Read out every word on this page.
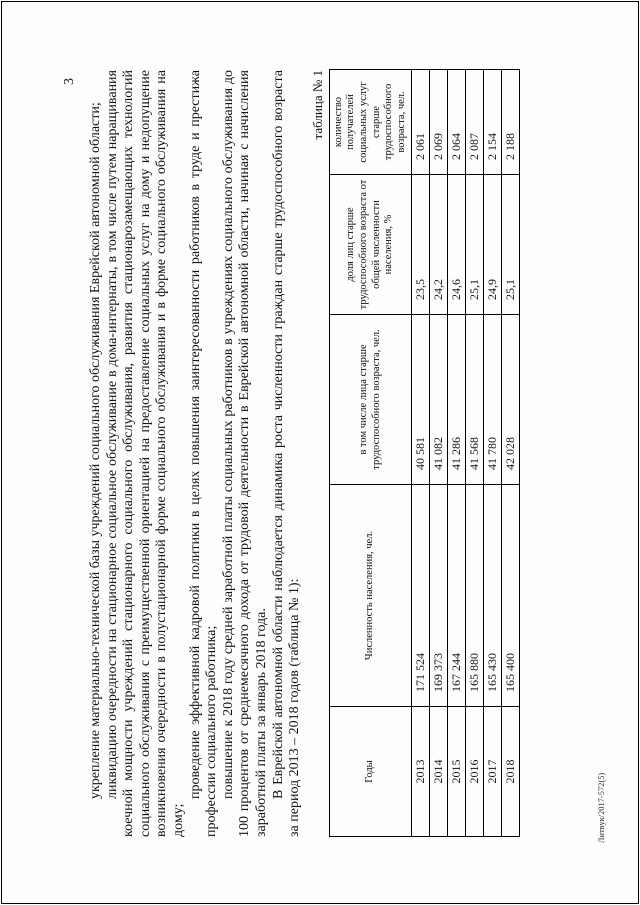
3

укрепление материально-технической базы учреждений социального обслуживания Еврейской автономной области; ликвидацию очередности на стационарное социальное обслуживание в дома-интернаты, в том числе путем наращивания коечной мощности учреждений стационарного социального обслуживания, развития стационарозамещающих технологий социального обслуживания с преимущественной ориентацией на предоставление социальных услуг на дому и недопущение возникновения очередности в полустационарной форме социального обслуживания и в форме социального обслуживания на дому;

проведение эффективной кадровой политики в целях повышения заинтересованности работников в труде и престижа профессии социального работника; повышение к 2018 году средней заработной платы социальных работников в учреждениях социального обслуживания до 100 процентов от среднемесячного дохода от трудовой деятельности в Еврейской автономной области, начиная с начисления заработной платы за январь 2018 года. В Еврейской автономной области наблюдается динамика роста численности граждан старше трудоспособного возраста за период 2013 – 2018 годов (таблица № 1):

таблица № 1
Годы	Численность населения, чел.	в том числе лица старше трудоспособного возраста, чел.	доля лиц старше трудоспособного возраста от общей численности населения, %	количество получателей социальных услуг старше трудоспособного возраста, чел.
2013	171 524	40 581	23,5	2 061
2014	169 373	41 082	24,2	2 069
2015	167 244	41 286	24,6	2 064
2016	165 880	41 568	25,1	2 087
2017	165 430	41 780	24,9	2 154
2018	165 400	42 028	25,1	2 188
Литвук/2017-572(5)
